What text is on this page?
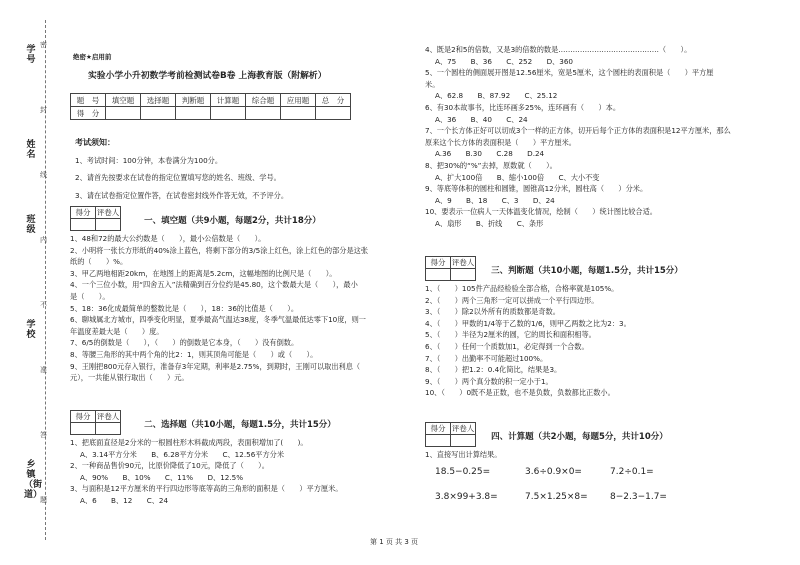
学号
姓名
班级
学校
乡镇（街道）
密
封
线
内
不
准
答
题
绝密★启用前
实验小学小升初数学考前检测试卷B卷 上海教育版（附解析）
题　号	填空题	选择题	判断题	计算题	综合题	应用题	总　分
得　分							
考试须知：
1、考试时间：100分钟，本卷满分为100分。
2、请首先按要求在试卷的指定位置填写您的姓名、班级、学号。
3、请在试卷指定位置作答，在试卷密封线外作答无效，不予评分。
得分	评卷人
	一、填空题（共9小题，每题2分，共计18分）
1、48和72的最大公约数是（　　），最小公倍数是（　　）。
2、小明将一张长方形纸的40%涂上蓝色，将剩下部分的3/5涂上红色，涂上红色的部分是这张
纸的（　　）%。
3、甲乙两地相距20km，在地图上的距离是5.2cm，这幅地图的比例尺是（　　）。
4、一个三位小数，用“四舍五入”法精确到百分位约是45.80，这个数最大是（　　），最小
是（　　）。
5、18：36化成最简单的整数比是（　　），18：36的比值是（　　）。
6、聊城属北方城市，四季变化明显，夏季最高气温达38度，冬季气温最低达零下10度，则一
年温度差最大是（　　）度。
7、6/5的倒数是（　　），（　　）的倒数是它本身，（　　）没有倒数。
8、等腰三角形的其中两个角的比2：1，则其顶角可能是（　　）或（　　）。
9、王刚把800元存入银行，准备存3年定期，利率是2.75%，到期时，王刚可以取出利息（
元），一共能从银行取出（　　）元。
得分	评卷人
	二、选择题（共10小题，每题1.5分，共计15分）
1、把底面直径是2分米的一根圆柱形木料截成两段，表面积增加了(　　)。
A、3.14平方分米　　B、6.28平方分米　　C、12.56平方分米
2、一种商品售价90元，比原价降低了10元，降低了（　　）。
A、90%　　B、10%　　C、11%　　D、12.5%
3、与面积是12平方厘米的平行四边形等底等高的三角形的面积是（　　）平方厘米。
A、6　　B、12　　C、24
4、既是2和5的倍数，又是3的倍数的数是……………………………………（　　）。
A、75　　B、36　　C、252　　D、360
5、一个圆柱的侧面展开图是12.56厘米，宽是5厘米，这个圆柱的表面积是（　　）平方厘
米。
A、62.8　　B、87.92　　C、25.12
6、有30本故事书，比连环画多25%，连环画有（　　）本。
A、36　　B、40　　C、24
7、一个长方体正好可以切成3个一样的正方体，切开后每个正方体的表面积是12平方厘米，那么
原来这个长方体的表面积是（　　）平方厘米。
A.36　　B.30　　C.28　　D.24
8、把30%的“%”去掉，原数就（　　）。
A、扩大100倍　　B、缩小100倍　　C、大小不变
9、等底等体积的圆柱和圆锥，圆锥高12分米，圆柱高（　　）分米。
A、9　　B、18　　C、3　　D、24
10、要表示一位病人一天体温变化情况，绘制（　　）统计图比较合适。
A、扇形　　B、折线　　C、条形
得分	评卷人
	三、判断题（共10小题，每题1.5分，共计15分）
1、（　　）105件产品经检验全部合格，合格率就是105%。
2、（　　）两个三角形一定可以拼成一个平行四边形。
3、（　　）除2以外所有的质数都是奇数。
4、（　　）甲数的1/4等于乙数的1/6，则甲乙两数之比为2：3。
5、（　　）半径为2厘米的圆，它的周长和面积相等。
6、（　　）任何一个质数加1，必定得到一个合数。
7、（　　）出勤率不可能超过100%。
8、（　　）把1.2：0.4化简比，结果是3。
9、（　　）两个真分数的积一定小于1。
10、（　　）0既不是正数，也不是负数，负数都比正数小。
得分	评卷人
	四、计算题（共2小题，每题5分，共计10分）
1、直接写出计算结果。
18.5−0.25=	3.6÷0.9×0=	7.2÷0.1=
3.8×99+3.8=	7.5×1.25×8=	8−2.3−1.7=
第 1 页 共 3 页
